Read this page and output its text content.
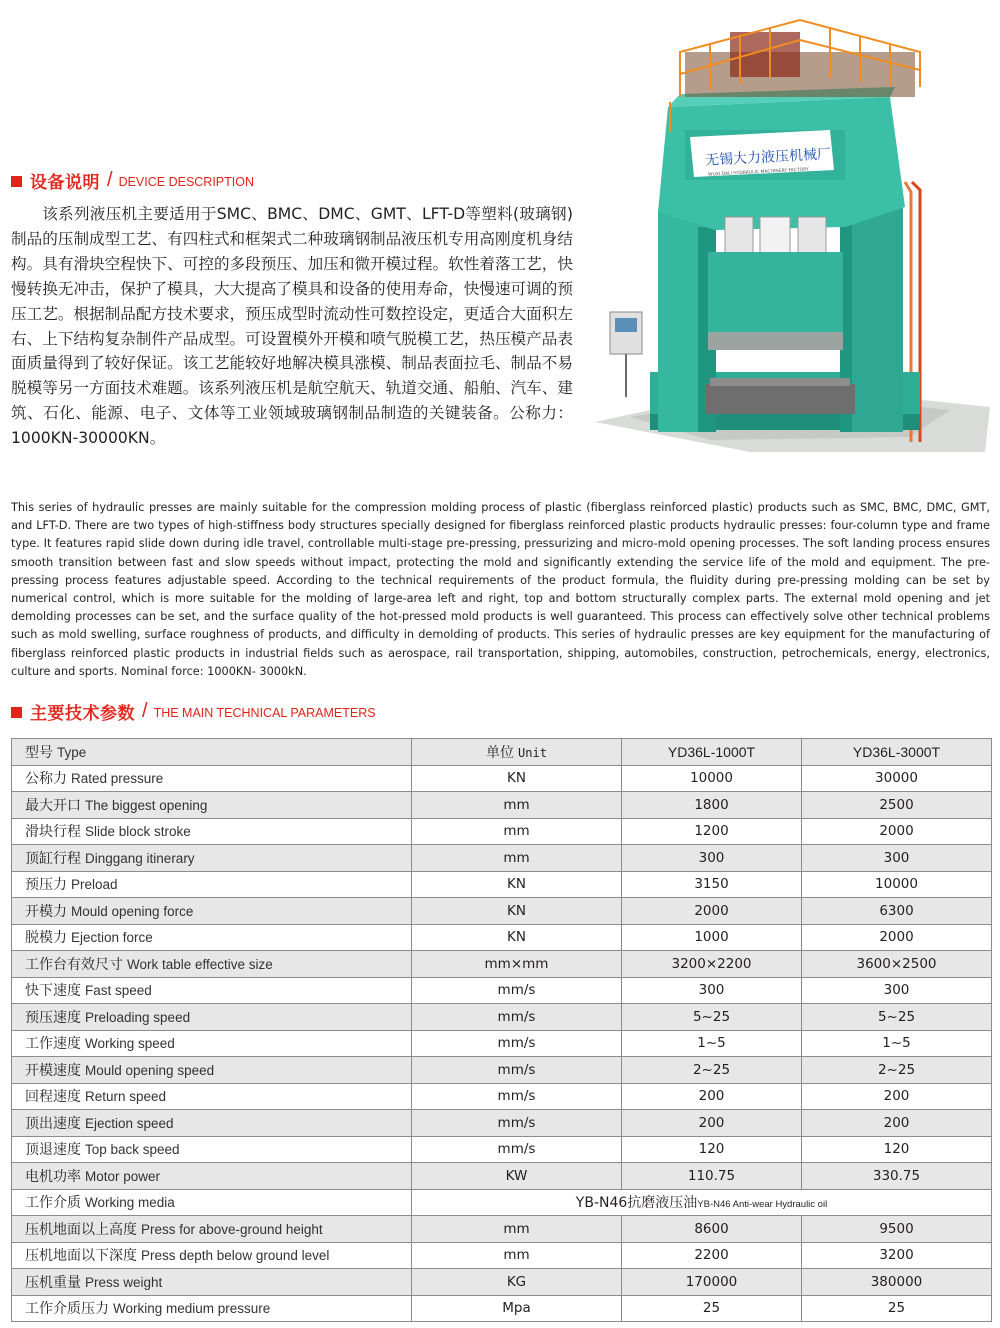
设备说明 / DEVICE DESCRIPTION

该系列液压机主要适用于SMC、BMC、DMC、GMT、LFT-D等塑料(玻璃钢)制品的压制成型工艺、有四柱式和框架式二种玻璃钢制品液压机专用高刚度机身结构。具有滑块空程快下、可控的多段预压、加压和微开模过程。软性着落工艺，快慢转换无冲击，保护了模具，大大提高了模具和设备的使用寿命，快慢速可调的预压工艺。根据制品配方技术要求，预压成型时流动性可数控设定，更适合大面积左右、上下结构复杂制件产品成型。可设置模外开模和喷气脱模工艺，热压模产品表面质量得到了较好保证。该工艺能较好地解决模具涨模、制品表面拉毛、制品不易脱模等另一方面技术难题。该系列液压机是航空航天、轨道交通、船舶、汽车、建筑、石化、能源、电子、文体等工业领域玻璃钢制品制造的关键装备。公称力：1000KN-30000KN。

无锡大力液压机械厂
WUXI DALI HYDRAULIC MACHINERY FACTORY

This series of hydraulic presses are mainly suitable for the compression molding process of plastic (fiberglass reinforced plastic) products such as SMC, BMC, DMC, GMT, and LFT-D. There are two types of high-stiffness body structures specially designed for fiberglass reinforced plastic products hydraulic presses: four-column type and frame type. It features rapid slide down during idle travel, controllable multi-stage pre-pressing, pressurizing and micro-mold opening processes. The soft landing process ensures smooth transition between fast and slow speeds without impact, protecting the mold and significantly extending the service life of the mold and equipment. The pre-pressing process features adjustable speed. According to the technical requirements of the product formula, the fluidity during pre-pressing molding can be set by numerical control, which is more suitable for the molding of large-area left and right, top and bottom structurally complex parts. The external mold opening and jet demolding processes can be set, and the surface quality of the hot-pressed mold products is well guaranteed. This process can effectively solve other technical problems such as mold swelling, surface roughness of products, and difficulty in demolding of products. This series of hydraulic presses are key equipment for the manufacturing of fiberglass reinforced plastic products in industrial fields such as aerospace, rail transportation, shipping, automobiles, construction, petrochemicals, energy, electronics, culture and sports. Nominal force: 1000KN- 3000kN.

主要技术参数 / THE MAIN TECHNICAL PARAMETERS
型号 Type	单位 Unit	YD36L-1000T	YD36L-3000T
公称力 Rated pressure	KN	10000	30000
最大开口 The biggest opening	mm	1800	2500
滑块行程 Slide block stroke	mm	1200	2000
顶缸行程 Dinggang itinerary	mm	300	300
预压力 Preload	KN	3150	10000
开模力 Mould opening force	KN	2000	6300
脱模力 Ejection force	KN	1000	2000
工作台有效尺寸 Work table effective size	mm×mm	3200×2200	3600×2500
快下速度 Fast speed	mm/s	300	300
预压速度 Preloading speed	mm/s	5~25	5~25
工作速度 Working speed	mm/s	1~5	1~5
开模速度 Mould opening speed	mm/s	2~25	2~25
回程速度 Return speed	mm/s	200	200
顶出速度 Ejection speed	mm/s	200	200
顶退速度 Top back speed	mm/s	120	120
电机功率 Motor power	KW	110.75	330.75
工作介质 Working media	YB-N46抗磨液压油YB-N46 Anti-wear Hydraulic oil		
压机地面以上高度 Press for above-ground height	mm	8600	9500
压机地面以下深度 Press depth below ground level	mm	2200	3200
压机重量 Press weight	KG	170000	380000
工作介质压力 Working medium pressure	Mpa	25	25
